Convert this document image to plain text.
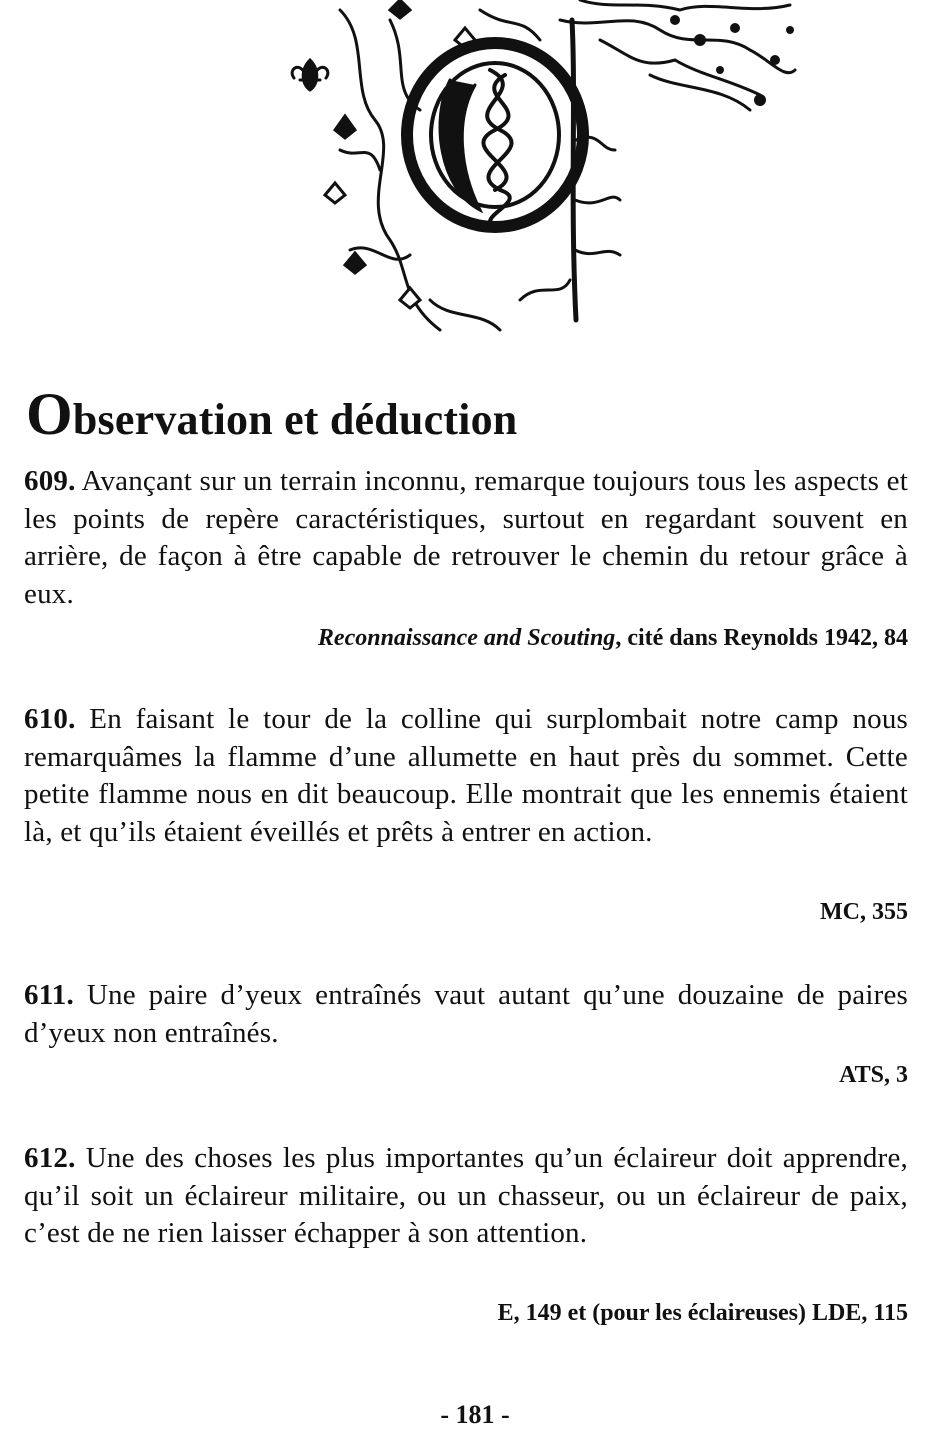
Observation et déduction

609. Avançant sur un terrain inconnu, remarque toujours tous les aspects et les points de repère caractéristiques, surtout en regardant souvent en arrière, de façon à être capable de retrouver le chemin du retour grâce à eux.

Reconnaissance and Scouting, cité dans Reynolds 1942, 84

610. En faisant le tour de la colline qui surplombait notre camp nous remarquâmes la flamme d’une allumette en haut près du sommet. Cette petite flamme nous en dit beaucoup. Elle montrait que les ennemis étaient là, et qu’ils étaient éveillés et prêts à entrer en action.

MC, 355

611. Une paire d’yeux entraînés vaut autant qu’une douzaine de paires d’yeux non entraînés.

ATS, 3

612. Une des choses les plus importantes qu’un éclaireur doit apprendre, qu’il soit un éclaireur militaire, ou un chasseur, ou un éclaireur de paix, c’est de ne rien laisser échapper à son attention.

E, 149 et (pour les éclaireuses) LDE, 115

- 181 -
